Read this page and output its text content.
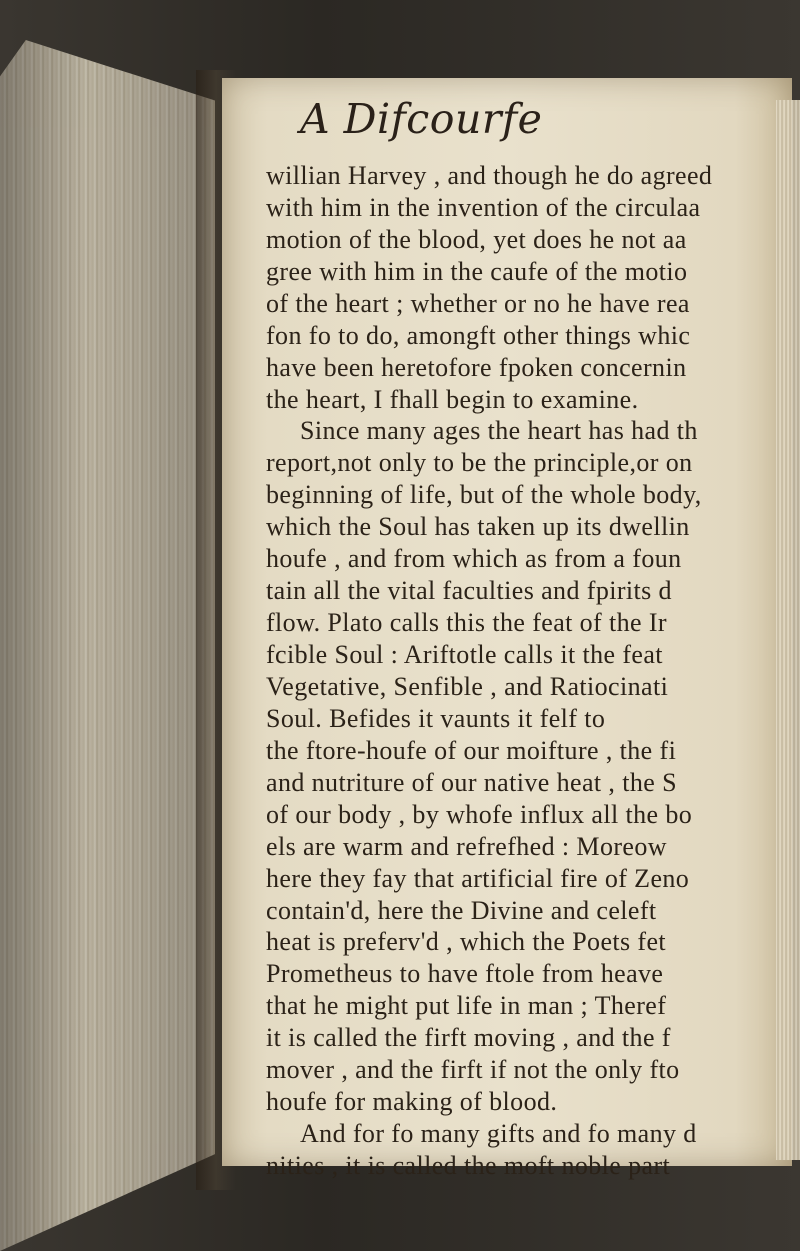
A Difcourfe
willian Harvey , and though he do agreed
with him in the invention of the circulaa
motion of the blood, yet does he not aa
gree with him in the caufe of the motio
of the heart ; whether or no he have rea
fon fo to do, amongft other things whic
have been heretofore fpoken concernin
the heart, I fhall begin to examine.
Since many ages the heart has had th
report,not only to be the principle,or on
beginning of life, but of the whole body,
which the Soul has taken up its dwellin
houfe , and from which as from a foun
tain all the vital faculties and fpirits d
flow. Plato calls this the feat of the Ir
fcible Soul : Ariftotle calls it the feat
Vegetative, Senfible , and Ratiocinati
Soul. Befides it vaunts it felf to
the ftore-houfe of our moifture , the fi
and nutriture of our native heat , the S
of our body , by whofe influx all the bo
els are warm and refrefhed : Moreow
here they fay that artificial fire of Zeno
contain'd, here the Divine and celeft
heat is preferv'd , which the Poets fet
Prometheus to have ftole from heave
that he might put life in man ; Theref
it is called the firft moving , and the f
mover , and the firft if not the only fto
houfe for making of blood.
And for fo many gifts and fo many d
nities , it is called the moft noble part
